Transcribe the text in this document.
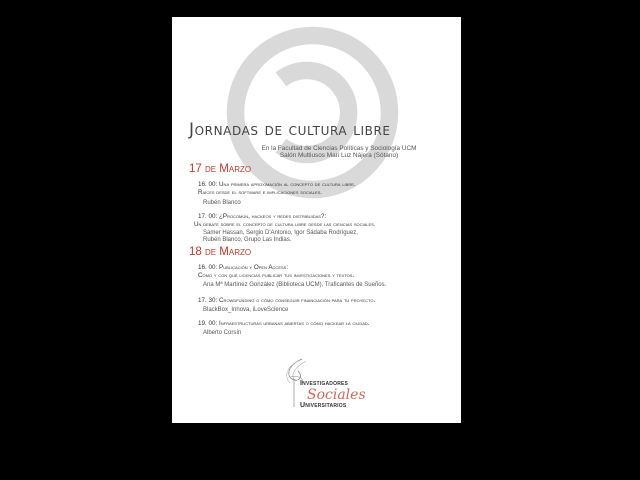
Jornadas de cultura libre
En la Facultad de Ciencias Políticas y Sociología UCM
Salón Multiusos Mari Luz Nájera (Sótano)
17 de Marzo
16. 00: Una primera aproximación al concepto de cultura libre.
Raíces desde el software e implicaciones sociales.
Rubén Blanco
17. 00: ¿Procomún, hackeos y redes distribuidas?:
Un debate sobre el concepto de cultura libre desde las ciencias sociales.
Samer Hassan, Sergio D'Antonio, Igor Sádaba Rodríguez,
Rubén Blanco, Grupo Las Indias.
18 de Marzo
16. 00: Publicación y Open Access:
Cómo y con qué licencias publicar tus investigaciones y textos.
Ana Mª Martínez González (Biblioteca UCM), Traficantes de Sueños.
17. 30: Crowdfunding o cómo conseguir financiación para tu proyecto.
BlackBox_Innova, iLoveScience
19. 00: Infraestructuras urbanas abiertas o cómo hackear la ciudad.
Alberto Corsín
Investigadores
Sociales
Universitarios
